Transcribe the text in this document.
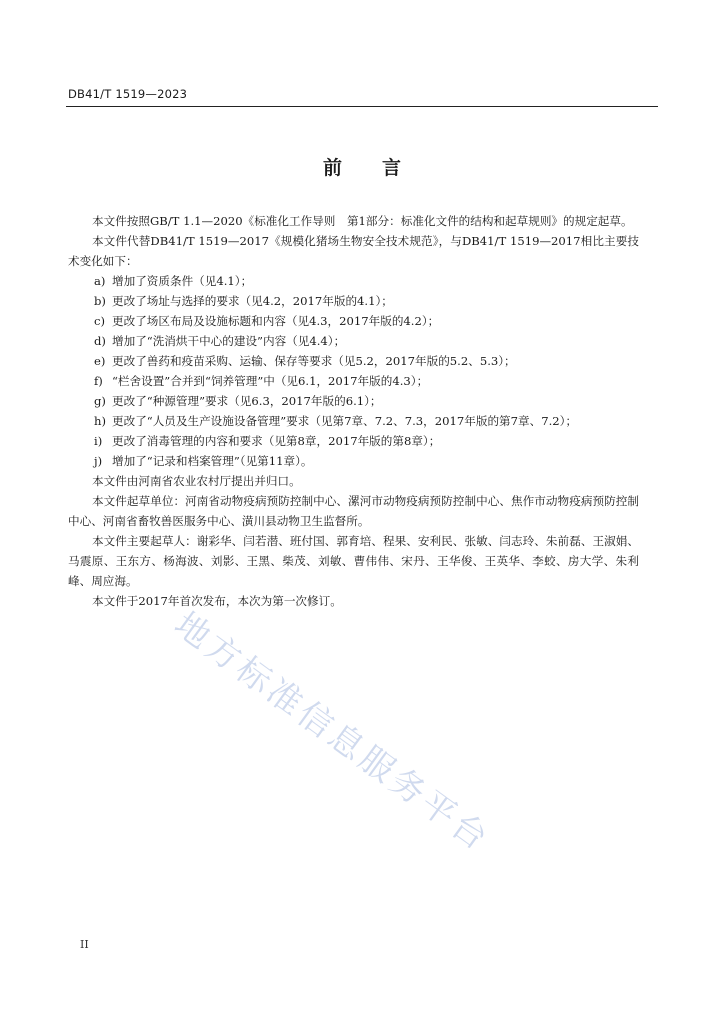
DB41/T 1519—2023
前言

本文件按照GB/T 1.1—2020《标准化工作导则　第1部分：标准化文件的结构和起草规则》的规定起草。

本文件代替DB41/T 1519—2017《规模化猪场生物安全技术规范》，与DB41/T 1519—2017相比主要技术变化如下：

a) 增加了资质条件（见4.1）；
b) 更改了场址与选择的要求（见4.2，2017年版的4.1）；
c) 更改了场区布局及设施标题和内容（见4.3，2017年版的4.2）；
d) 增加了“洗消烘干中心的建设”内容（见4.4）；
e) 更改了兽药和疫苗采购、运输、保存等要求（见5.2，2017年版的5.2、5.3）；
f) “栏舍设置”合并到“饲养管理”中（见6.1，2017年版的4.3）；
g) 更改了“种源管理”要求（见6.3，2017年版的6.1）；
h) 更改了“人员及生产设施设备管理”要求（见第7章、7.2、7.3，2017年版的第7章、7.2）；
i) 更改了消毒管理的内容和要求（见第8章，2017年版的第8章）；
j) 增加了“记录和档案管理”（见第11章）。

本文件由河南省农业农村厅提出并归口。

本文件起草单位：河南省动物疫病预防控制中心、漯河市动物疫病预防控制中心、焦作市动物疫病预防控制中心、河南省畜牧兽医服务中心、潢川县动物卫生监督所。

本文件主要起草人：谢彩华、闫若潜、班付国、郭育培、程果、安利民、张敏、闫志玲、朱前磊、王淑娟、马震原、王东方、杨海波、刘影、王黑、柴茂、刘敏、曹伟伟、宋丹、王华俊、王英华、李蛟、房大学、朱利峰、周应海。

本文件于2017年首次发布，本次为第一次修订。

地方标准信息服务平台
II
